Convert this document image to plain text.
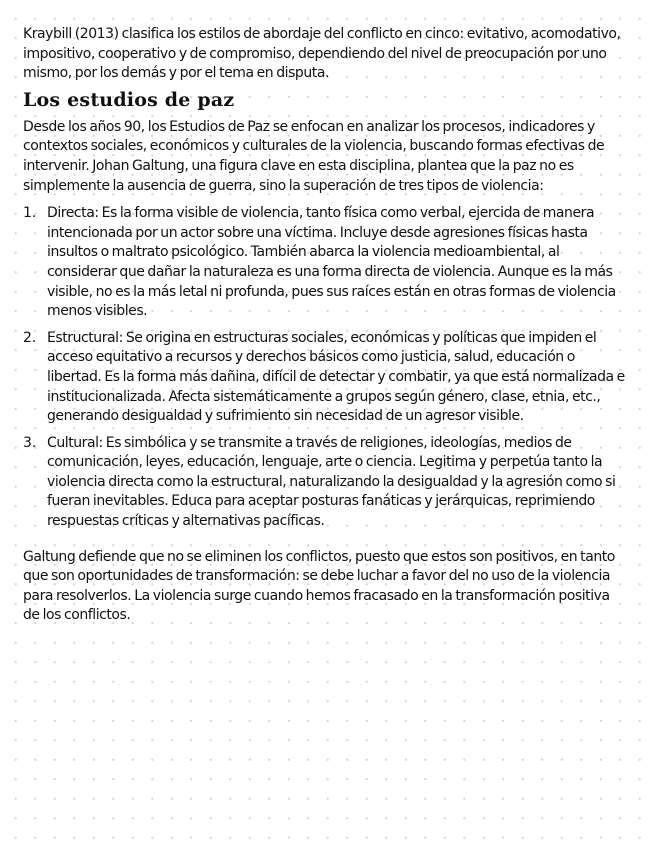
Kraybill (2013) clasifica los estilos de abordaje del conflicto en cinco: evitativo, acomodativo, impositivo, cooperativo y de compromiso, dependiendo del nivel de preocupación por uno mismo, por los demás y por el tema en disputa.

Los estudios de paz

Desde los años 90, los Estudios de Paz se enfocan en analizar los procesos, indicadores y contextos sociales, económicos y culturales de la violencia, buscando formas efectivas de intervenir. Johan Galtung, una figura clave en esta disciplina, plantea que la paz no es simplemente la ausencia de guerra, sino la superación de tres tipos de violencia:

1. Directa: Es la forma visible de violencia, tanto física como verbal, ejercida de manera intencionada por un actor sobre una víctima. Incluye desde agresiones físicas hasta insultos o maltrato psicológico. También abarca la violencia medioambiental, al considerar que dañar la naturaleza es una forma directa de violencia. Aunque es la más visible, no es la más letal ni profunda, pues sus raíces están en otras formas de violencia menos visibles.

2. Estructural: Se origina en estructuras sociales, económicas y políticas que impiden el acceso equitativo a recursos y derechos básicos como justicia, salud, educación o libertad. Es la forma más dañina, difícil de detectar y combatir, ya que está normalizada e institucionalizada. Afecta sistemáticamente a grupos según género, clase, etnia, etc., generando desigualdad y sufrimiento sin necesidad de un agresor visible.

3. Cultural: Es simbólica y se transmite a través de religiones, ideologías, medios de comunicación, leyes, educación, lenguaje, arte o ciencia. Legitima y perpetúa tanto la violencia directa como la estructural, naturalizando la desigualdad y la agresión como si fueran inevitables. Educa para aceptar posturas fanáticas y jerárquicas, reprimiendo respuestas críticas y alternativas pacíficas.

Galtung defiende que no se eliminen los conflictos, puesto que estos son positivos, en tanto que son oportunidades de transformación: se debe luchar a favor del no uso de la violencia para resolverlos. La violencia surge cuando hemos fracasado en la transformación positiva de los conflictos.
